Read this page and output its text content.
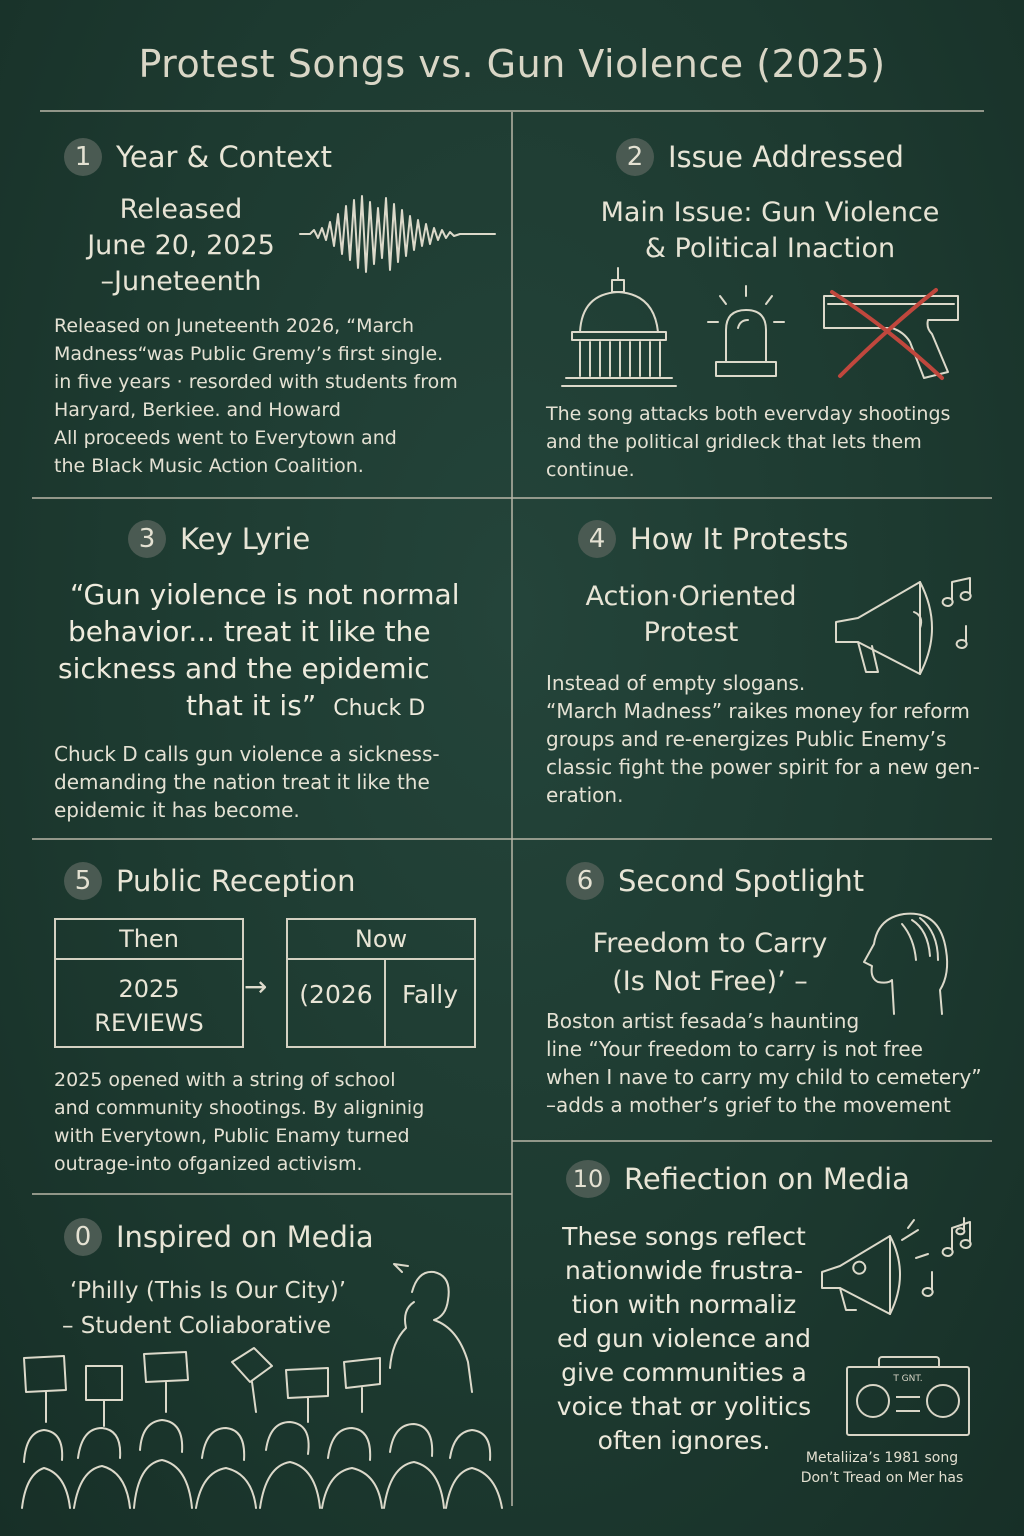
Protest Songs vs. Gun Violence (2025)
1 Year & Context
Released
June 20, 2025
–Juneteenth
Released on Juneteenth 2026, “March
Madness“was Public Gremy’s first single.
in five years · resorded with students from
Haryard, Berkiee. and Howard
All proceeds went to Everytown and
the Black Music Action Coalition.
2 Issue Addressed
Main Issue: Gun Violence
& Political Inaction
The song attacks both evervday shootings
and the political gridleck that lets them
continue.
3 Key Lyrie
“Gun yiolence is not normal
behavior... treat it like the
sickness and the epidemic
that it is” Chuck D
Chuck D calls gun violence a sickness-
demanding the nation treat it like the
epidemic it has become.
4 How It Protests
Action·Oriented
Protest
Instead of empty slogans.
“March Madness” raikes money for reform
groups and re-energizes Public Enemy’s
classic fight the power spirit for a new gen-
eration.
5 Public Reception
Then
2025
REVIEWS
→
Now
(2026	Fally
2025 opened with a string of school
and community shootings. By aligninig
with Everytown, Public Enamy turned
outrage-into ofganized activism.
6 Second Spotlight
Freedom to Carry
(Is Not Free)’ –
Boston artist fesada’s haunting
line “Your freedom to carry is not free
when I nave to carry my child to cemetery”
–adds a mother’s grief to the movement
0 Inspired on Media
‘Philly (This Is Our City)’
– Student Coliaborative
10 Refiection on Media
These songs reflect
nationwide frustra-
tion with normaliz
ed gun violence and
give communities a
voice that σr yolitics
often ignores.
T GNT.
Metaliiza’s 1981 song
Don’t Tread on Mer has
